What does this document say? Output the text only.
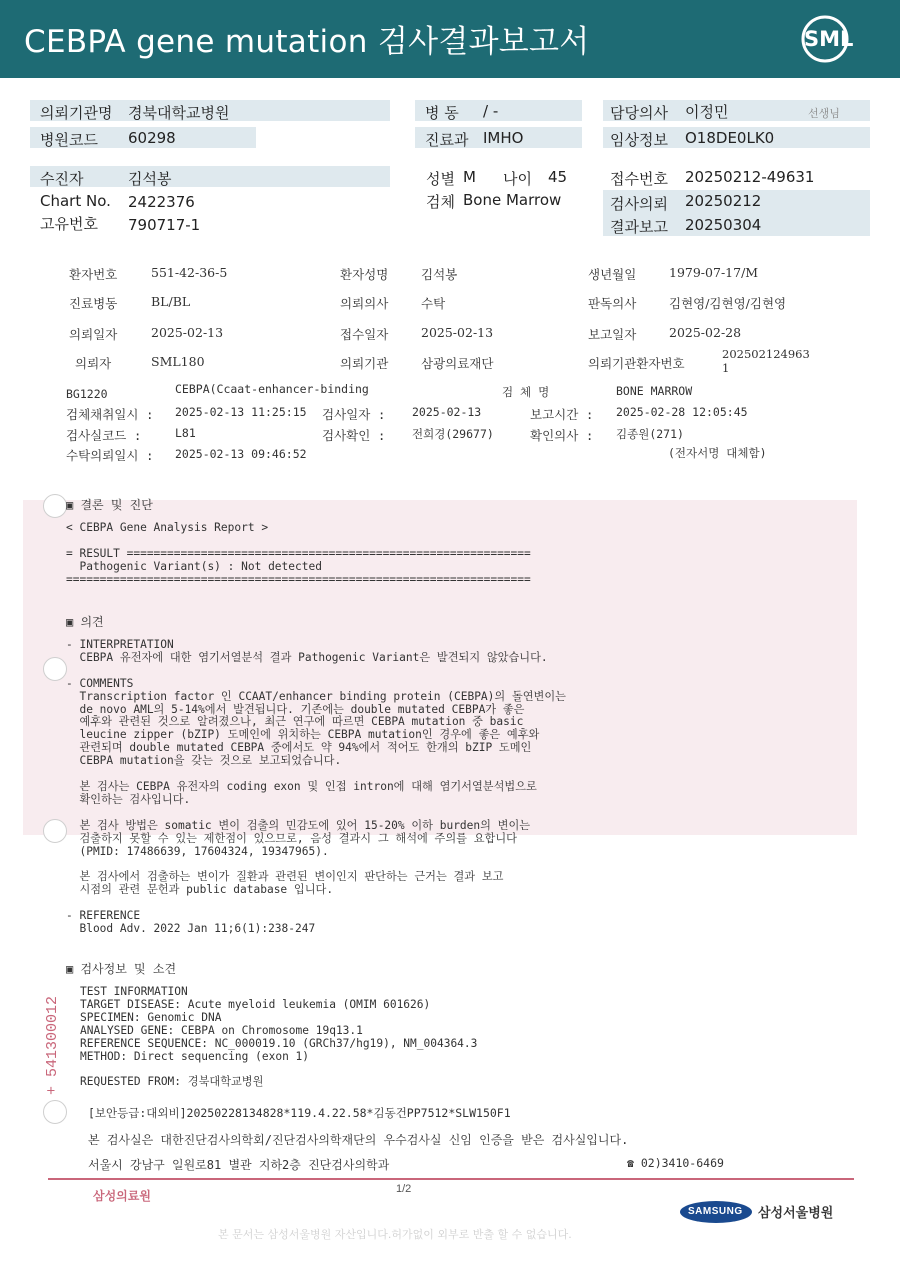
CEBPA gene mutation 검사결과보고서	SML
의뢰기관명 경북대학교병원
병원코드 60298
병 동 / -
진료과 IMHO
담당의사 이정민	선생님
임상정보 O18DE0LK0
수진자	김석봉
Chart No. 2422376
고유번호 790717-1
성별 M 나이 45
검체 Bone Marrow
접수번호 20250212-49631
검사의뢰 20250212
결과보고 20250304
환자번호	551-42-36-5	환자성명	김석봉	생년월일	1979-07-17/M
진료병동	BL/BL	의뢰의사	수탁	판독의사	김현영/김현영/김현영
의뢰일자	2025-02-13	접수일자	2025-02-13	보고일자	2025-02-28
의뢰자	SML180	의뢰기관	삼광의료재단	의뢰기관환자번호
202502124963
1
BG1220	CEBPA(Ccaat-enhancer-binding	검 체 명	BONE MARROW
검체채취일시 : 2025-02-13 11:25:15 검사일자 : 2025-02-13	보고시간 : 2025-02-28 12:05:45
검사실코드 :	L81	검사확인 : 전희경(29677)	확인의사 : 김종원(271)
수탁의뢰일시 : 2025-02-13 09:46:52	(전자서명 대체함)
▣ 결론 및 진단
< CEBPA Gene Analysis Report >

= RESULT ============================================================
Pathogenic Variant(s) : Not detected
=====================================================================
▣ 의견
- INTERPRETATION
CEBPA 유전자에 대한 염기서열분석 결과 Pathogenic Variant은 발견되지 않았습니다.

- COMMENTS
Transcription factor 인 CCAAT/enhancer binding protein (CEBPA)의 돌연변이는
de novo AML의 5-14%에서 발견됩니다. 기존에는 double mutated CEBPA가 좋은
예후와 관련된 것으로 알려졌으나, 최근 연구에 따르면 CEBPA mutation 중 basic
leucine zipper (bZIP) 도메인에 위치하는 CEBPA mutation인 경우에 좋은 예후와
관련되며 double mutated CEBPA 중에서도 약 94%에서 적어도 한개의 bZIP 도메인
CEBPA mutation을 갖는 것으로 보고되었습니다.

본 검사는 CEBPA 유전자의 coding exon 및 인접 intron에 대해 염기서열분석법으로
확인하는 검사입니다.

본 검사 방법은 somatic 변이 검출의 민감도에 있어 15-20% 이하 burden의 변이는
검출하지 못할 수 있는 제한점이 있으므로, 음성 결과시 그 해석에 주의를 요합니다
(PMID: 17486639, 17604324, 19347965).

본 검사에서 검출하는 변이가 질환과 관련된 변이인지 판단하는 근거는 결과 보고
시점의 관련 문헌과 public database 입니다.

- REFERENCE
Blood Adv. 2022 Jan 11;6(1):238-247
▣ 검사정보 및 소견
TEST INFORMATION
TARGET DISEASE: Acute myeloid leukemia (OMIM 601626)
SPECIMEN: Genomic DNA
ANALYSED GENE: CEBPA on Chromosome 19q13.1
REFERENCE SEQUENCE: NC_000019.10 (GRCh37/hg19), NM_004364.3
METHOD: Direct sequencing (exon 1)

REQUESTED FROM: 경북대학교병원
+ 541300012
[보안등급:대외비]20250228134828*119.4.22.58*김동건PP7512*SLW150F1
본 검사실은 대한진단검사의학회/진단검사의학재단의 우수검사실 신임 인증을 받은 검사실입니다.
서울시 강남구 일원로81 별관 지하2층 진단검사의학과	☎ 02)3410-6469
삼성의료원	1/2
SAMSUNG 삼성서울병원
본 문서는 삼성서울병원 자산입니다.허가없이 외부로 반출 할 수 없습니다.
